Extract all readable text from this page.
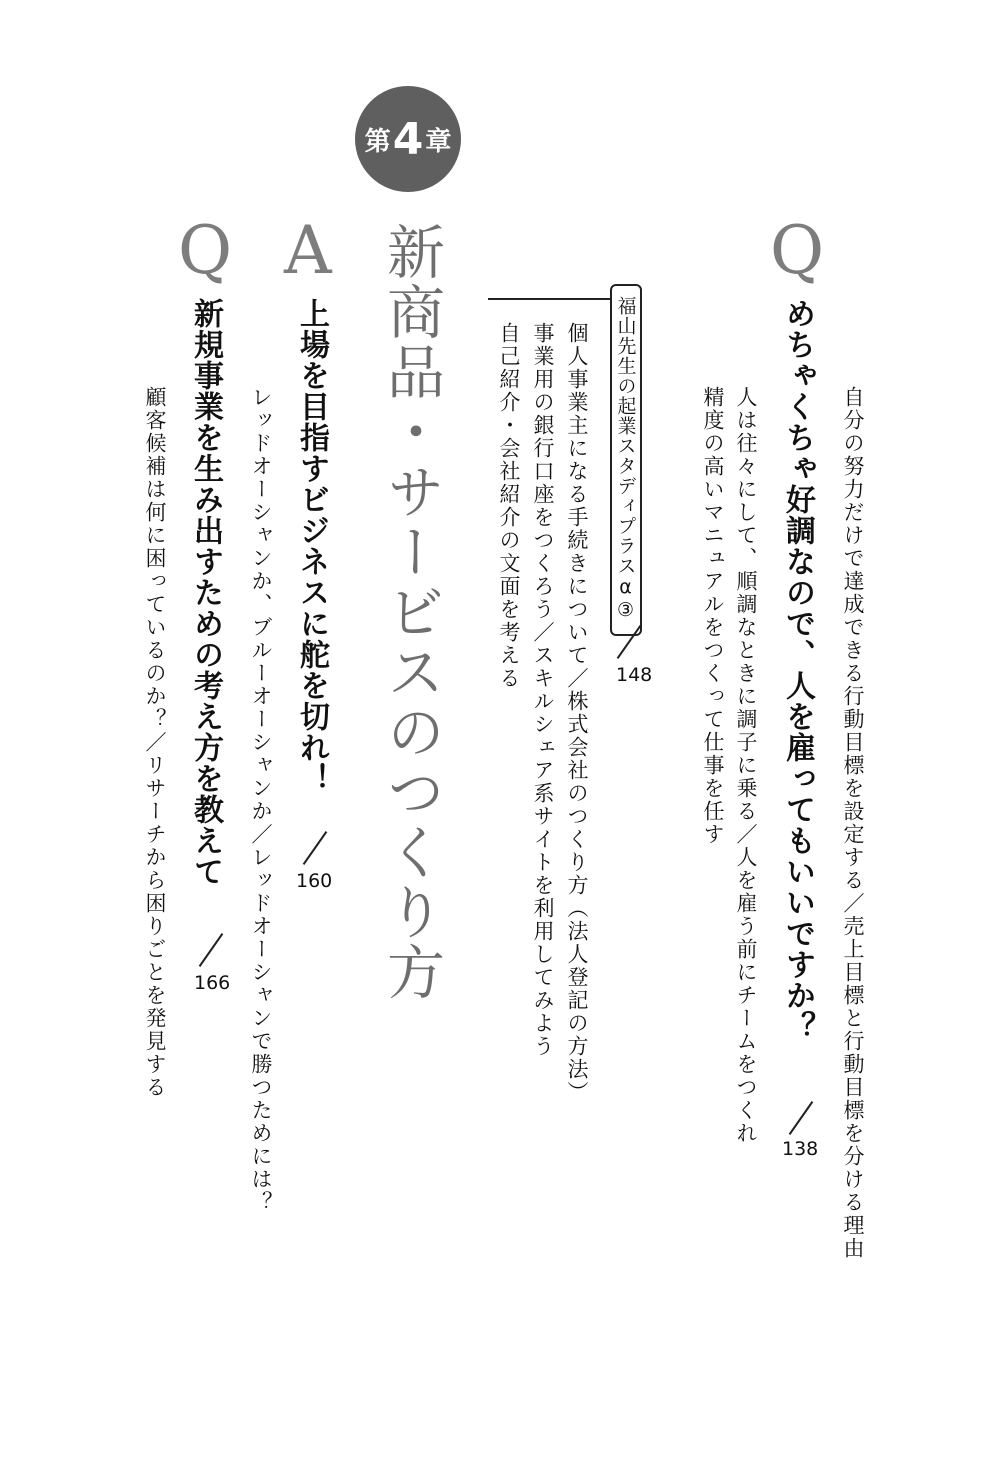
第 4 章
新商品・サービスのつくり方	Q
めちゃくちゃ好調なので、人を雇ってもいいですか？
138 自分の努力だけで達成できる行動目標を設定する／売上目標と行動目標を分ける理由
人は往々にして、順調なときに調子に乗る／人を雇う前にチームをつくれ
精度の高いマニュアルをつくって仕事を任す
福山先生の起業スタディプラスα③
148
個人事業主になる手続きについて／株式会社のつくり方（法人登記の方法）
事業用の銀行口座をつくろう／スキルシェア系サイトを利用してみよう
自己紹介・会社紹介の文面を考える
A
上場を目指すビジネスに舵を切れ！
160
レッドオーシャンか、ブルーオーシャンか／レッドオーシャンで勝つためには？
Q
新規事業を生み出すための考え方を教えて
166
顧客候補は何に困っているのか？／リサーチから困りごとを発見する
